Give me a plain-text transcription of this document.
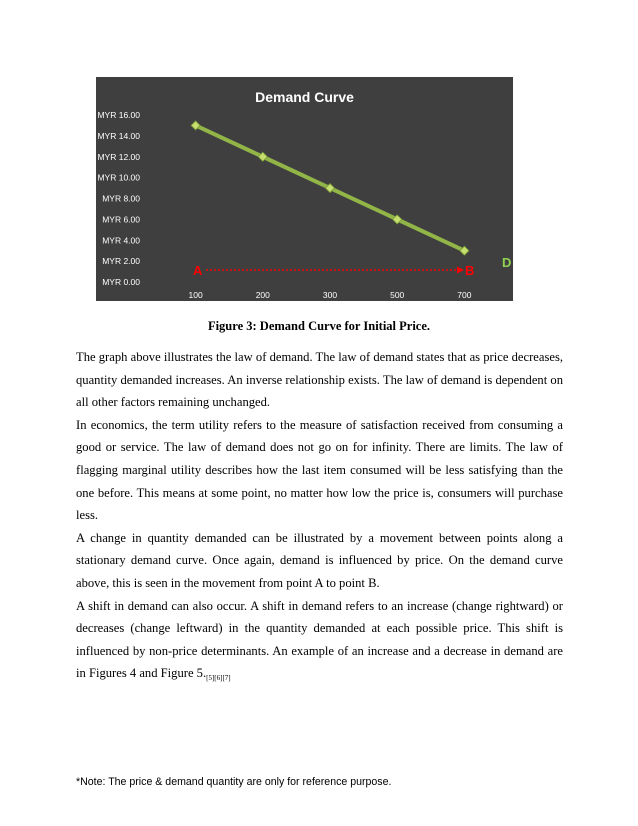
Demand Curve
MYR 0.00
MYR 2.00
MYR 4.00
MYR 6.00
MYR 8.00
MYR 10.00
MYR 12.00
MYR 14.00
MYR 16.00
100	200	300	500	700
A	B
D
Figure 3: Demand Curve for Initial Price.

The graph above illustrates the law of demand. The law of demand states that as price decreases, quantity demanded increases. An inverse relationship exists. The law of demand is dependent on all other factors remaining unchanged.

In economics, the term utility refers to the measure of satisfaction received from consuming a good or service. The law of demand does not go on for infinity. There are limits. The law of flagging marginal utility describes how the last item consumed will be less satisfying than the one before. This means at some point, no matter how low the price is, consumers will purchase less.

A change in quantity demanded can be illustrated by a movement between points along a stationary demand curve. Once again, demand is influenced by price. On the demand curve above, this is seen in the movement from point A to point B.

A shift in demand can also occur. A shift in demand refers to an increase (change rightward) or decreases (change leftward) in the quantity demanded at each possible price. This shift is influenced by non-price determinants. An example of an increase and a decrease in demand are in Figures 4 and Figure $5._{[5][6][7]}$

*Note: The price & demand quantity are only for reference purpose.
